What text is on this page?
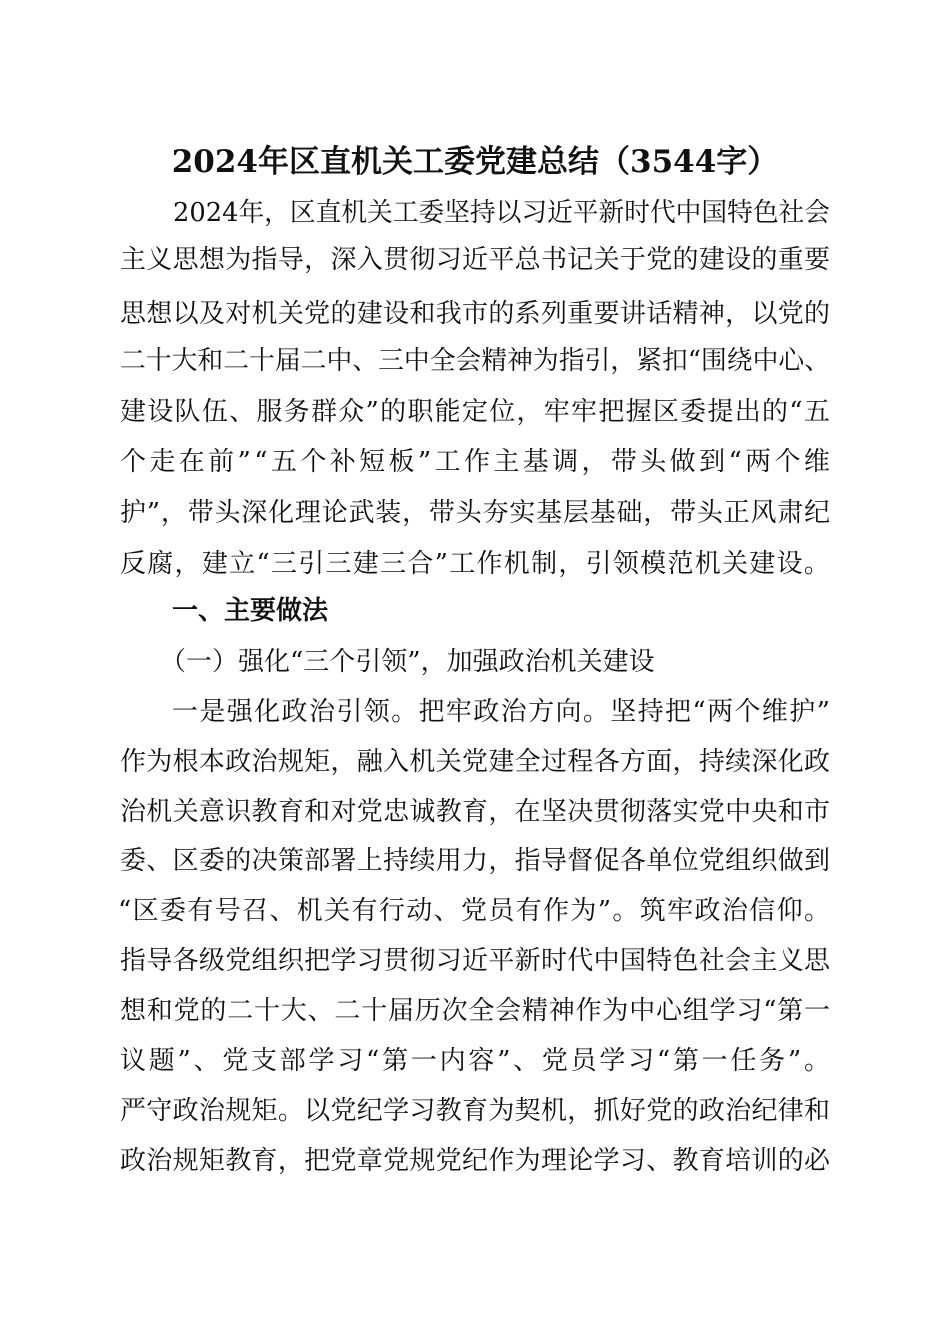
2024年区直机关工委党建总结（3544字）
2024年，区直机关工委坚持以习近平新时代中国特色社会
主义思想为指导，深入贯彻习近平总书记关于党的建设的重要
思想以及对机关党的建设和我市的系列重要讲话精神，以党的
二十大和二十届二中、三中全会精神为指引，紧扣“围绕中心、
建设队伍、服务群众”的职能定位，牢牢把握区委提出的“五
个走在前”“五个补短板”工作主基调，带头做到“两个维
护”，带头深化理论武装，带头夯实基层基础，带头正风肃纪
反腐，建立“三引三建三合”工作机制，引领模范机关建设。
一、主要做法
（一）强化“三个引领”，加强政治机关建设
一是强化政治引领。把牢政治方向。坚持把“两个维护”
作为根本政治规矩，融入机关党建全过程各方面，持续深化政
治机关意识教育和对党忠诚教育，在坚决贯彻落实党中央和市
委、区委的决策部署上持续用力，指导督促各单位党组织做到
“区委有号召、机关有行动、党员有作为”。筑牢政治信仰。
指导各级党组织把学习贯彻习近平新时代中国特色社会主义思
想和党的二十大、二十届历次全会精神作为中心组学习“第一
议题”、党支部学习“第一内容”、党员学习“第一任务”。
严守政治规矩。以党纪学习教育为契机，抓好党的政治纪律和
政治规矩教育，把党章党规党纪作为理论学习、教育培训的必
